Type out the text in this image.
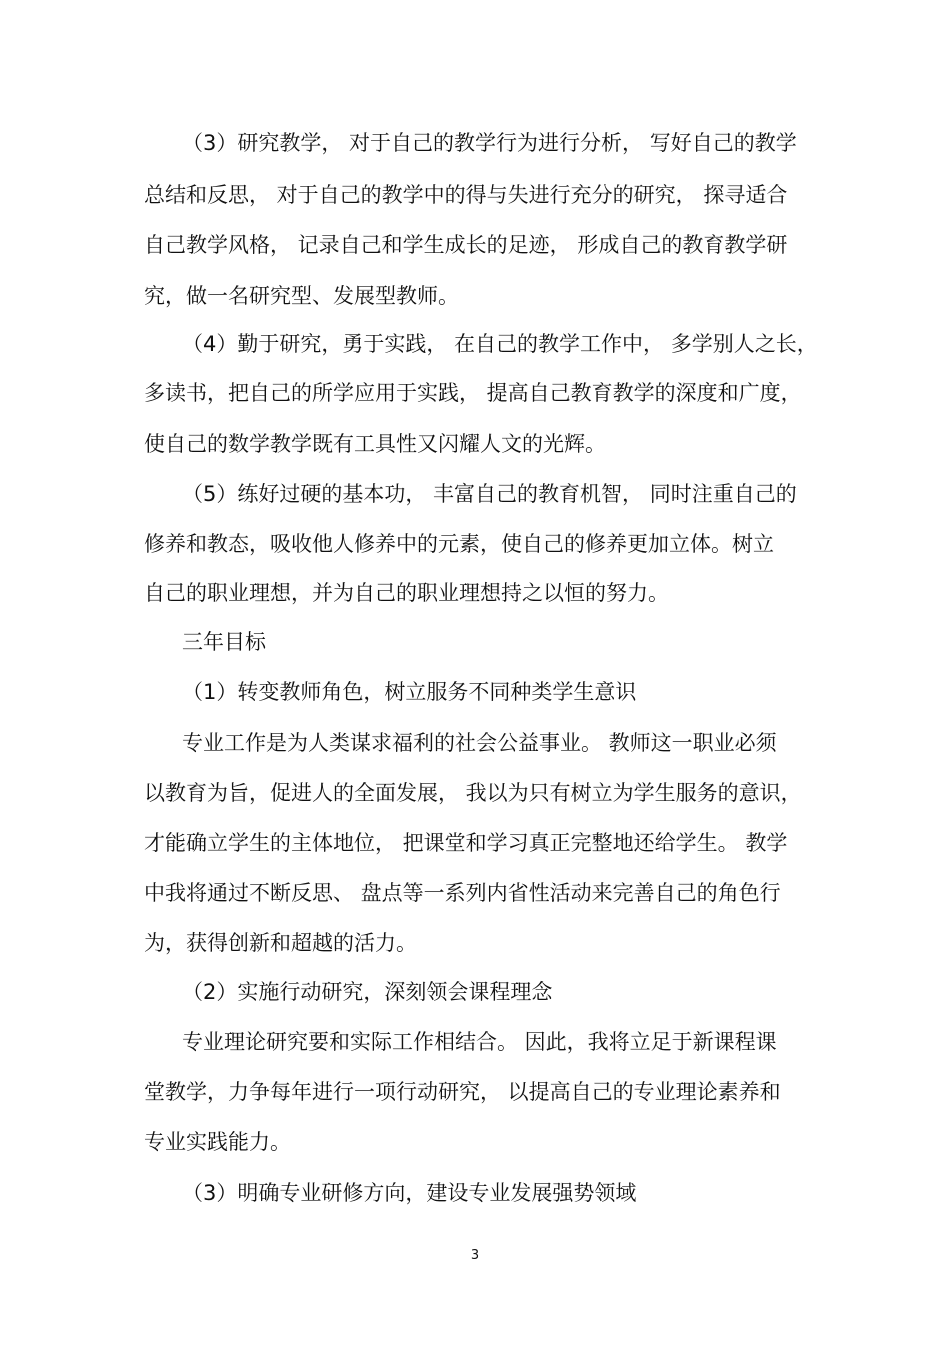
（3）研究教学， 对于自己的教学行为进行分析， 写好自己的教学
总结和反思， 对于自己的教学中的得与失进行充分的研究， 探寻适合
自己教学风格， 记录自己和学生成长的足迹， 形成自己的教育教学研
究，做一名研究型、发展型教师。
（4）勤于研究，勇于实践， 在自己的教学工作中， 多学别人之长，
多读书，把自己的所学应用于实践， 提高自己教育教学的深度和广度，
使自己的数学教学既有工具性又闪耀人文的光辉。
（5）练好过硬的基本功， 丰富自己的教育机智， 同时注重自己的
修养和教态，吸收他人修养中的元素，使自己的修养更加立体。树立
自己的职业理想，并为自己的职业理想持之以恒的努力。
三年目标
（1）转变教师角色，树立服务不同种类学生意识
专业工作是为人类谋求福利的社会公益事业。 教师这一职业必须
以教育为旨，促进人的全面发展， 我以为只有树立为学生服务的意识，
才能确立学生的主体地位， 把课堂和学习真正完整地还给学生。 教学
中我将通过不断反思、 盘点等一系列内省性活动来完善自己的角色行
为，获得创新和超越的活力。
（2）实施行动研究，深刻领会课程理念
专业理论研究要和实际工作相结合。 因此，我将立足于新课程课
堂教学，力争每年进行一项行动研究， 以提高自己的专业理论素养和
专业实践能力。
（3）明确专业研修方向，建设专业发展强势领域
3
